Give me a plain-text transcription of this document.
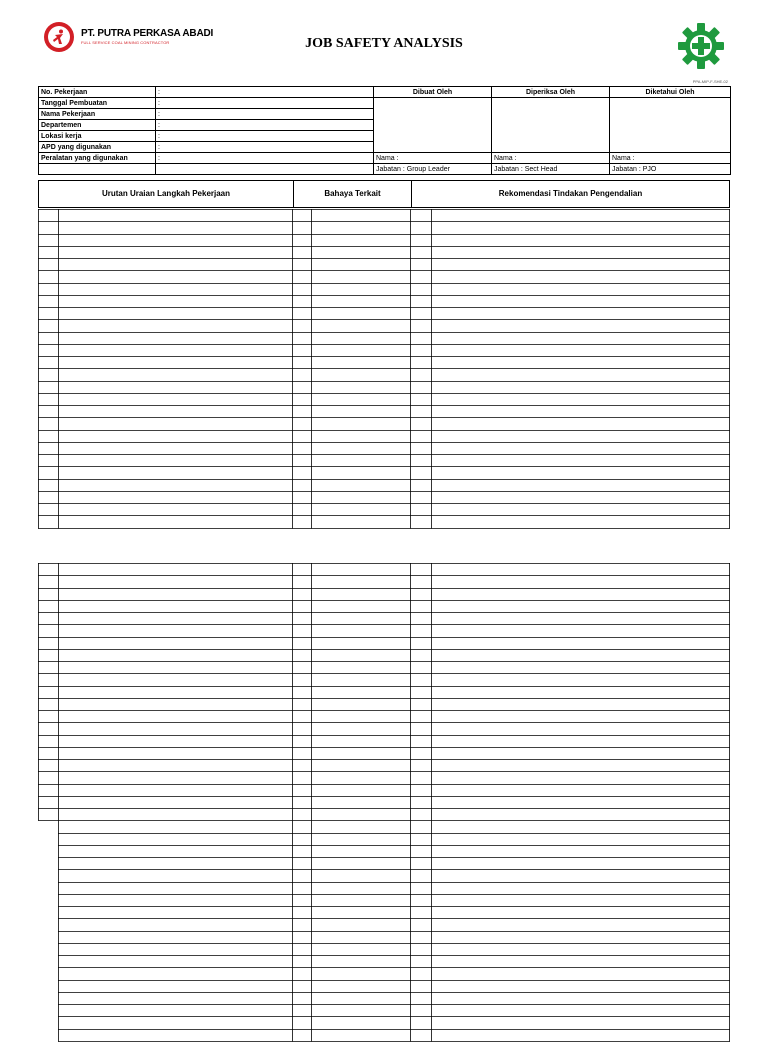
PT. PUTRA PERKASA ABADI
FULL SERVICE COAL MINING CONTRACTOR	JOB SAFETY ANALYSIS
PPA-MIP-F-SHE-02
No. Pekerjaan	:	Dibuat Oleh	Diperiksa Oleh	Diketahui Oleh
Tanggal Pembuatan	:			
Nama Pekerjaan	:			
Departemen	:			
Lokasi kerja	:			
APD yang digunakan	:			
Peralatan yang digunakan	:	Nama :	Nama :	Nama :
		Jabatan : Group Leader	Jabatan : Sect Head	Jabatan : PJO
Urutan Uraian Langkah Pekerjaan	Bahaya Terkait	Rekomendasi Tindakan Pengendalian
